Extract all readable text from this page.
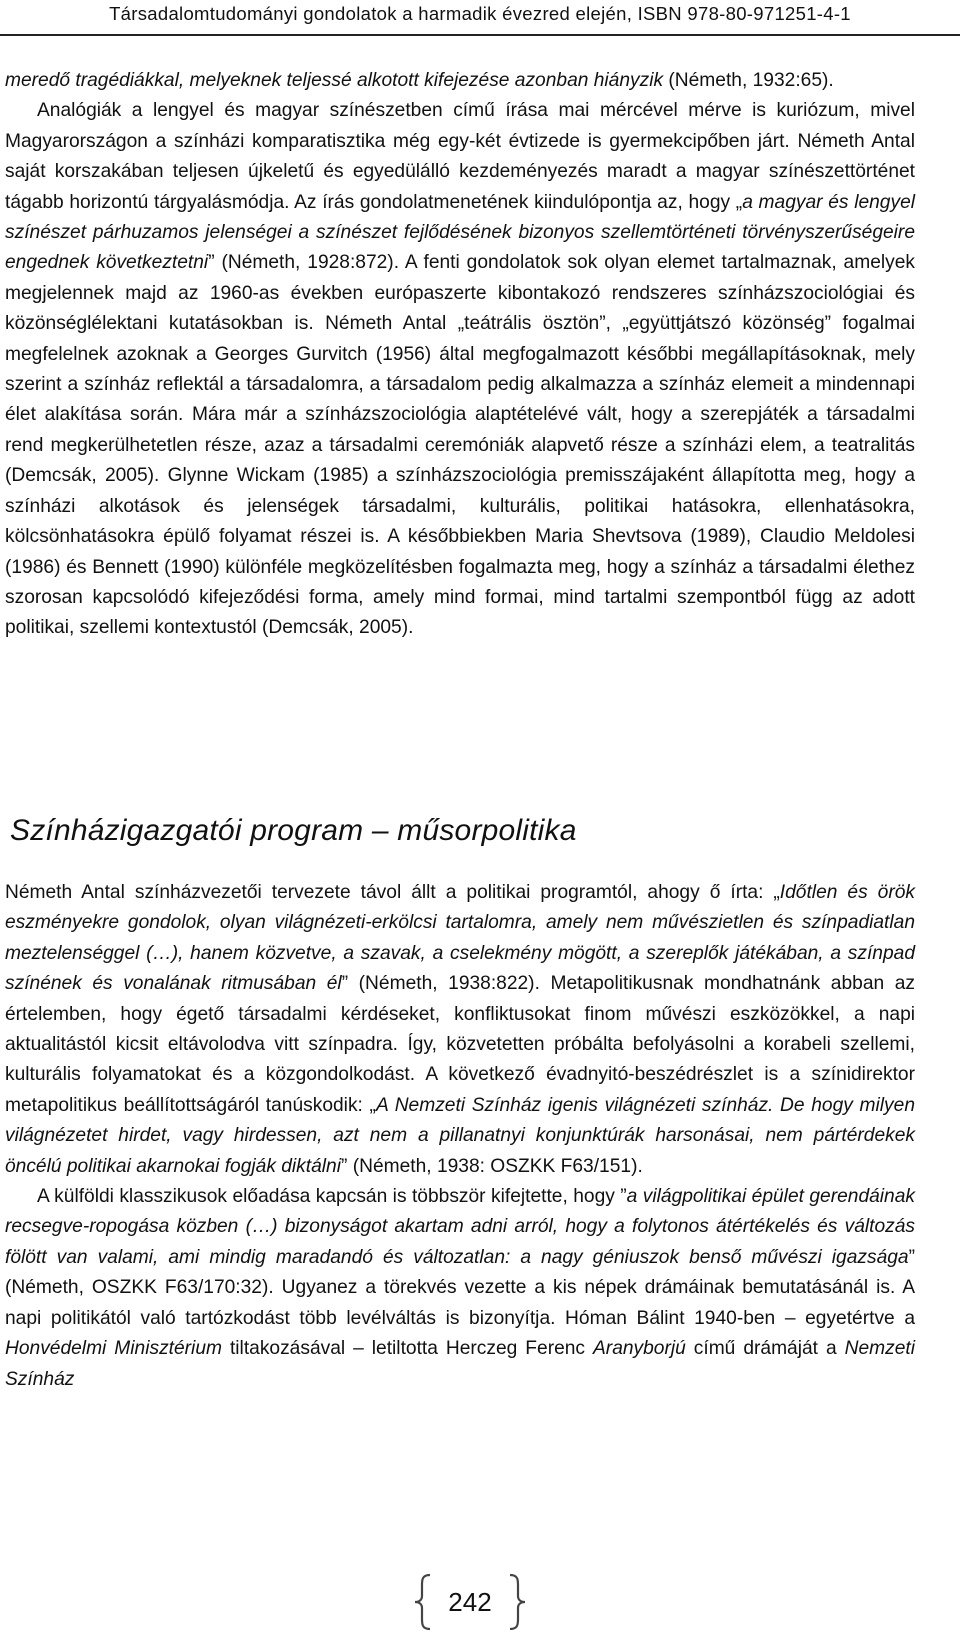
Társadalomtudományi gondolatok a harmadik évezred elején, ISBN 978-80-971251-4-1

meredő tragédiákkal, melyeknek teljessé alkotott kifejezése azonban hiányzik (Németh, 1932:65).

Analógiák a lengyel és magyar színészetben című írása mai mércével mérve is kuriózum, mivel Magyarországon a színházi komparatisztika még egy-két évtizede is gyermekcipőben járt. Németh Antal saját korszakában teljesen újkeletű és egyedülálló kezdeményezés maradt a magyar színészettörténet tágabb horizontú tárgyalásmódja. Az írás gondolatmenetének kiindulópontja az, hogy „a magyar és lengyel színészet párhuzamos jelenségei a színészet fejlődésének bizonyos szellemtörténeti törvényszerűségeire engednek következtetni” (Németh, 1928:872). A fenti gondolatok sok olyan elemet tartalmaznak, amelyek megjelennek majd az 1960-as években európaszerte kibontakozó rendszeres színházszociológiai és közönséglélektani kutatásokban is. Németh Antal „teátrális ösztön”, „együttjátszó közönség” fogalmai megfelelnek azoknak a Georges Gurvitch (1956) által megfogalmazott későbbi megállapításoknak, mely szerint a színház reflektál a társadalomra, a társadalom pedig alkalmazza a színház elemeit a mindennapi élet alakítása során. Mára már a színházszociológia alaptételévé vált, hogy a szerepjáték a társadalmi rend megkerülhetetlen része, azaz a társadalmi ceremóniák alapvető része a színházi elem, a teatralitás (Demcsák, 2005). Glynne Wickam (1985) a színházszociológia premisszájaként állapította meg, hogy a színházi alkotások és jelenségek társadalmi, kulturális, politikai hatásokra, ellenhatásokra, kölcsönhatásokra épülő folyamat részei is. A későbbiekben Maria Shevtsova (1989), Claudio Meldolesi (1986) és Bennett (1990) különféle megközelítésben fogalmazta meg, hogy a színház a társadalmi élethez szorosan kapcsolódó kifejeződési forma, amely mind formai, mind tartalmi szempontból függ az adott politikai, szellemi kontextustól (Demcsák, 2005).

Színházigazgatói program – műsorpolitika

Németh Antal színházvezetői tervezete távol állt a politikai programtól, ahogy ő írta: „Időtlen és örök eszményekre gondolok, olyan világnézeti-erkölcsi tartalomra, amely nem művészietlen és színpadiatlan meztelenséggel (…), hanem közvetve, a szavak, a cselekmény mögött, a szereplők játékában, a színpad színének és vonalának ritmusában él” (Németh, 1938:822). Metapolitikusnak mondhatnánk abban az értelemben, hogy égető társadalmi kérdéseket, konfliktusokat finom művészi eszközökkel, a napi aktualitástól kicsit eltávolodva vitt színpadra. Így, közvetetten próbálta befolyásolni a korabeli szellemi, kulturális folyamatokat és a közgondolkodást. A következő évadnyitó-beszédrészlet is a színidirektor metapolitikus beállítottságáról tanúskodik: „A Nemzeti Színház igenis világnézeti színház. De hogy milyen világnézetet hirdet, vagy hirdessen, azt nem a pillanatnyi konjunktúrák harsonásai, nem pártérdekek öncélú politikai akarnokai fogják diktálni” (Németh, 1938: OSZKK F63/151).

A külföldi klasszikusok előadása kapcsán is többször kifejtette, hogy ”a világpolitikai épület gerendáinak recsegve-ropogása közben (…) bizonyságot akartam adni arról, hogy a folytonos átértékelés és változás fölött van valami, ami mindig maradandó és változatlan: a nagy géniuszok benső művészi igazsága” (Németh, OSZKK F63/170:32). Ugyanez a törekvés vezette a kis népek drámáinak bemutatásánál is. A napi politikától való tartózkodást több levélváltás is bizonyítja. Hóman Bálint 1940-ben – egyetértve a Honvédelmi Minisztérium tiltakozásával – letiltotta Herczeg Ferenc Aranyborjú című drámáját a Nemzeti Színház

242
